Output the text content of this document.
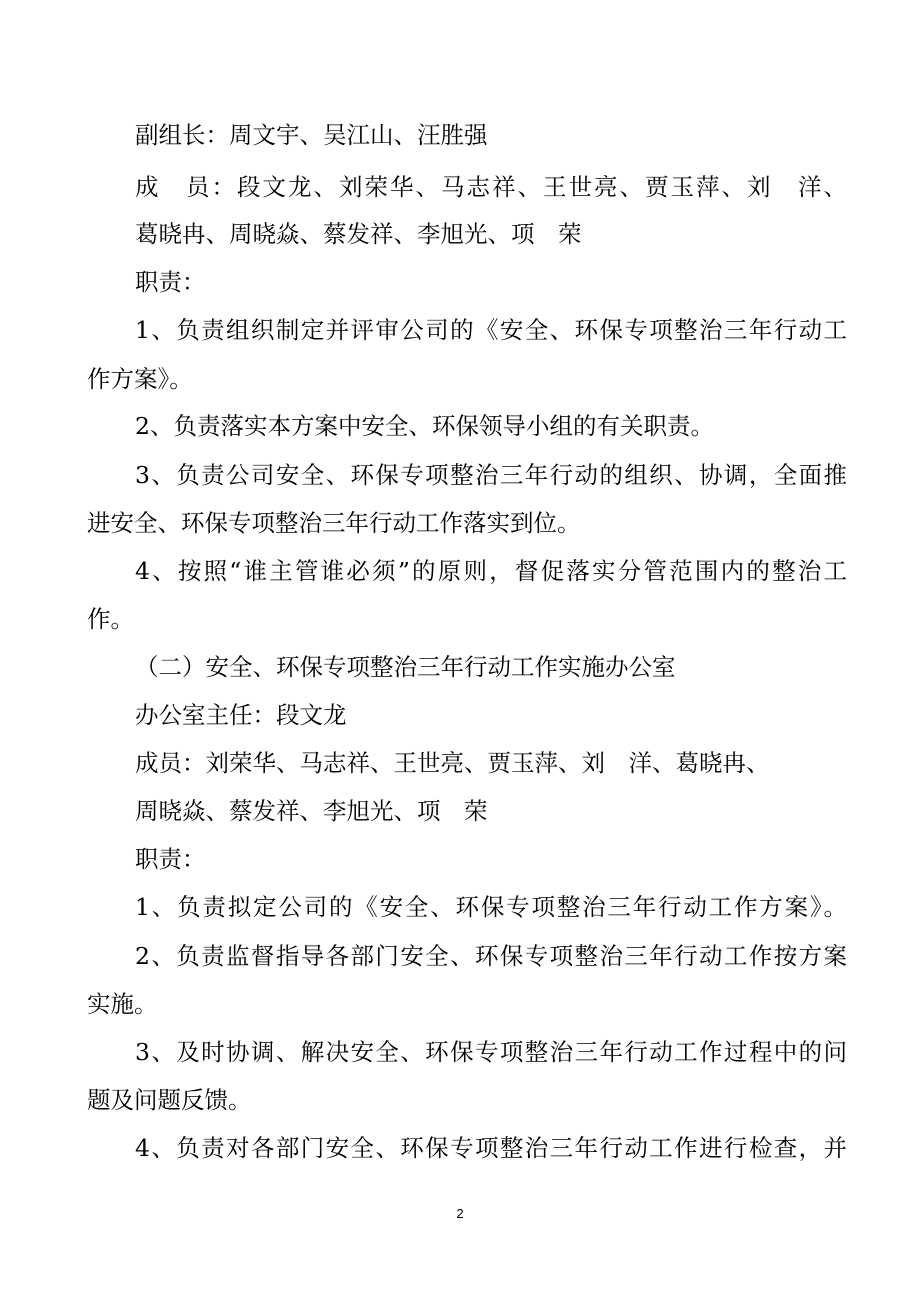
副组长：周文宇、吴江山、汪胜强
成　员：段文龙、刘荣华、马志祥、王世亮、贾玉萍、刘　洋、
葛晓冉、周晓焱、蔡发祥、李旭光、项　荣
职责：
1、负责组织制定并评审公司的《安全、环保专项整治三年行动工
作方案》。
2、负责落实本方案中安全、环保领导小组的有关职责。
3、负责公司安全、环保专项整治三年行动的组织、协调，全面推
进安全、环保专项整治三年行动工作落实到位。
4、按照“谁主管谁必须”的原则，督促落实分管范围内的整治工
作。
（二）安全、环保专项整治三年行动工作实施办公室
办公室主任：段文龙
成员：刘荣华、马志祥、王世亮、贾玉萍、刘　洋、葛晓冉、
周晓焱、蔡发祥、李旭光、项　荣
职责：
1、负责拟定公司的《安全、环保专项整治三年行动工作方案》。
2、负责监督指导各部门安全、环保专项整治三年行动工作按方案
实施。
3、及时协调、解决安全、环保专项整治三年行动工作过程中的问
题及问题反馈。
4、负责对各部门安全、环保专项整治三年行动工作进行检查，并
2
